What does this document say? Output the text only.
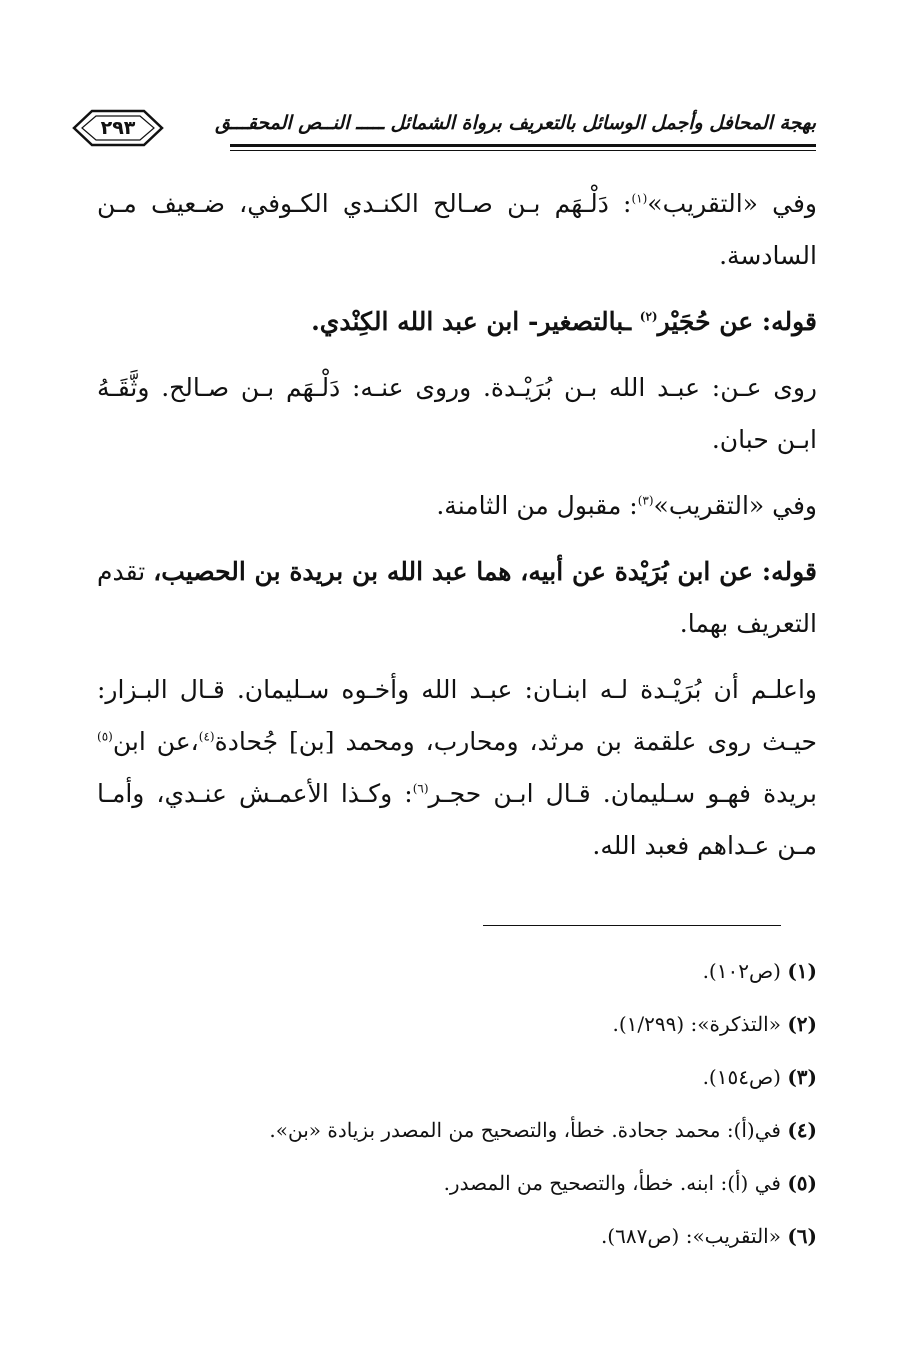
بهجة المحافل وأجمل الوسائل بالتعريف برواة الشمائل ـــــ النــص المحقـــق
٢٩٣

وفي «التقريب»$^{(١)}$: دَلْـهَم بـن صـالح الكنـدي الكـوفي، ضـعيف مـن السادسة.

قوله: عن حُجَيْر$^{(٢)}$ ـبالتصغير- ابن عبد الله الكِنْدي.

روى عـن: عبـد الله بـن بُرَيْـدة. وروى عنـه: دَلْـهَم بـن صـالح. وثَّقَـهُ ابـن حبان.

وفي «التقريب»$^{(٣)}$: مقبول من الثامنة.

قوله: عن ابن بُرَيْدة عن أبيه، هما عبد الله بن بريدة بن الحصيب، تقدم التعريف بهما.

واعلـم أن بُرَيْـدة لـه ابنـان: عبـد الله وأخـوه سـليمان. قـال البـزار: حيـث روى علقمة بن مرثد، ومحارب، ومحمد [بن] جُحادة$^{(٤)}$،عن ابن$^{(٥)}$ بريدة فهـو سـليمان. قـال ابـن حجـر$^{(٦)}$: وكـذا الأعمـش عنـدي، وأمـا مـن عـداهم فعبد الله.

(١) (ص١٠٢).

(٢) «التذكرة»: (١/٢٩٩).

(٣) (ص١٥٤).

(٤) في(أ): محمد جحادة. خطأ، والتصحيح من المصدر بزيادة «بن».

(٥) في (أ): ابنه. خطأ، والتصحيح من المصدر.

(٦) «التقريب»: (ص٦٨٧).
